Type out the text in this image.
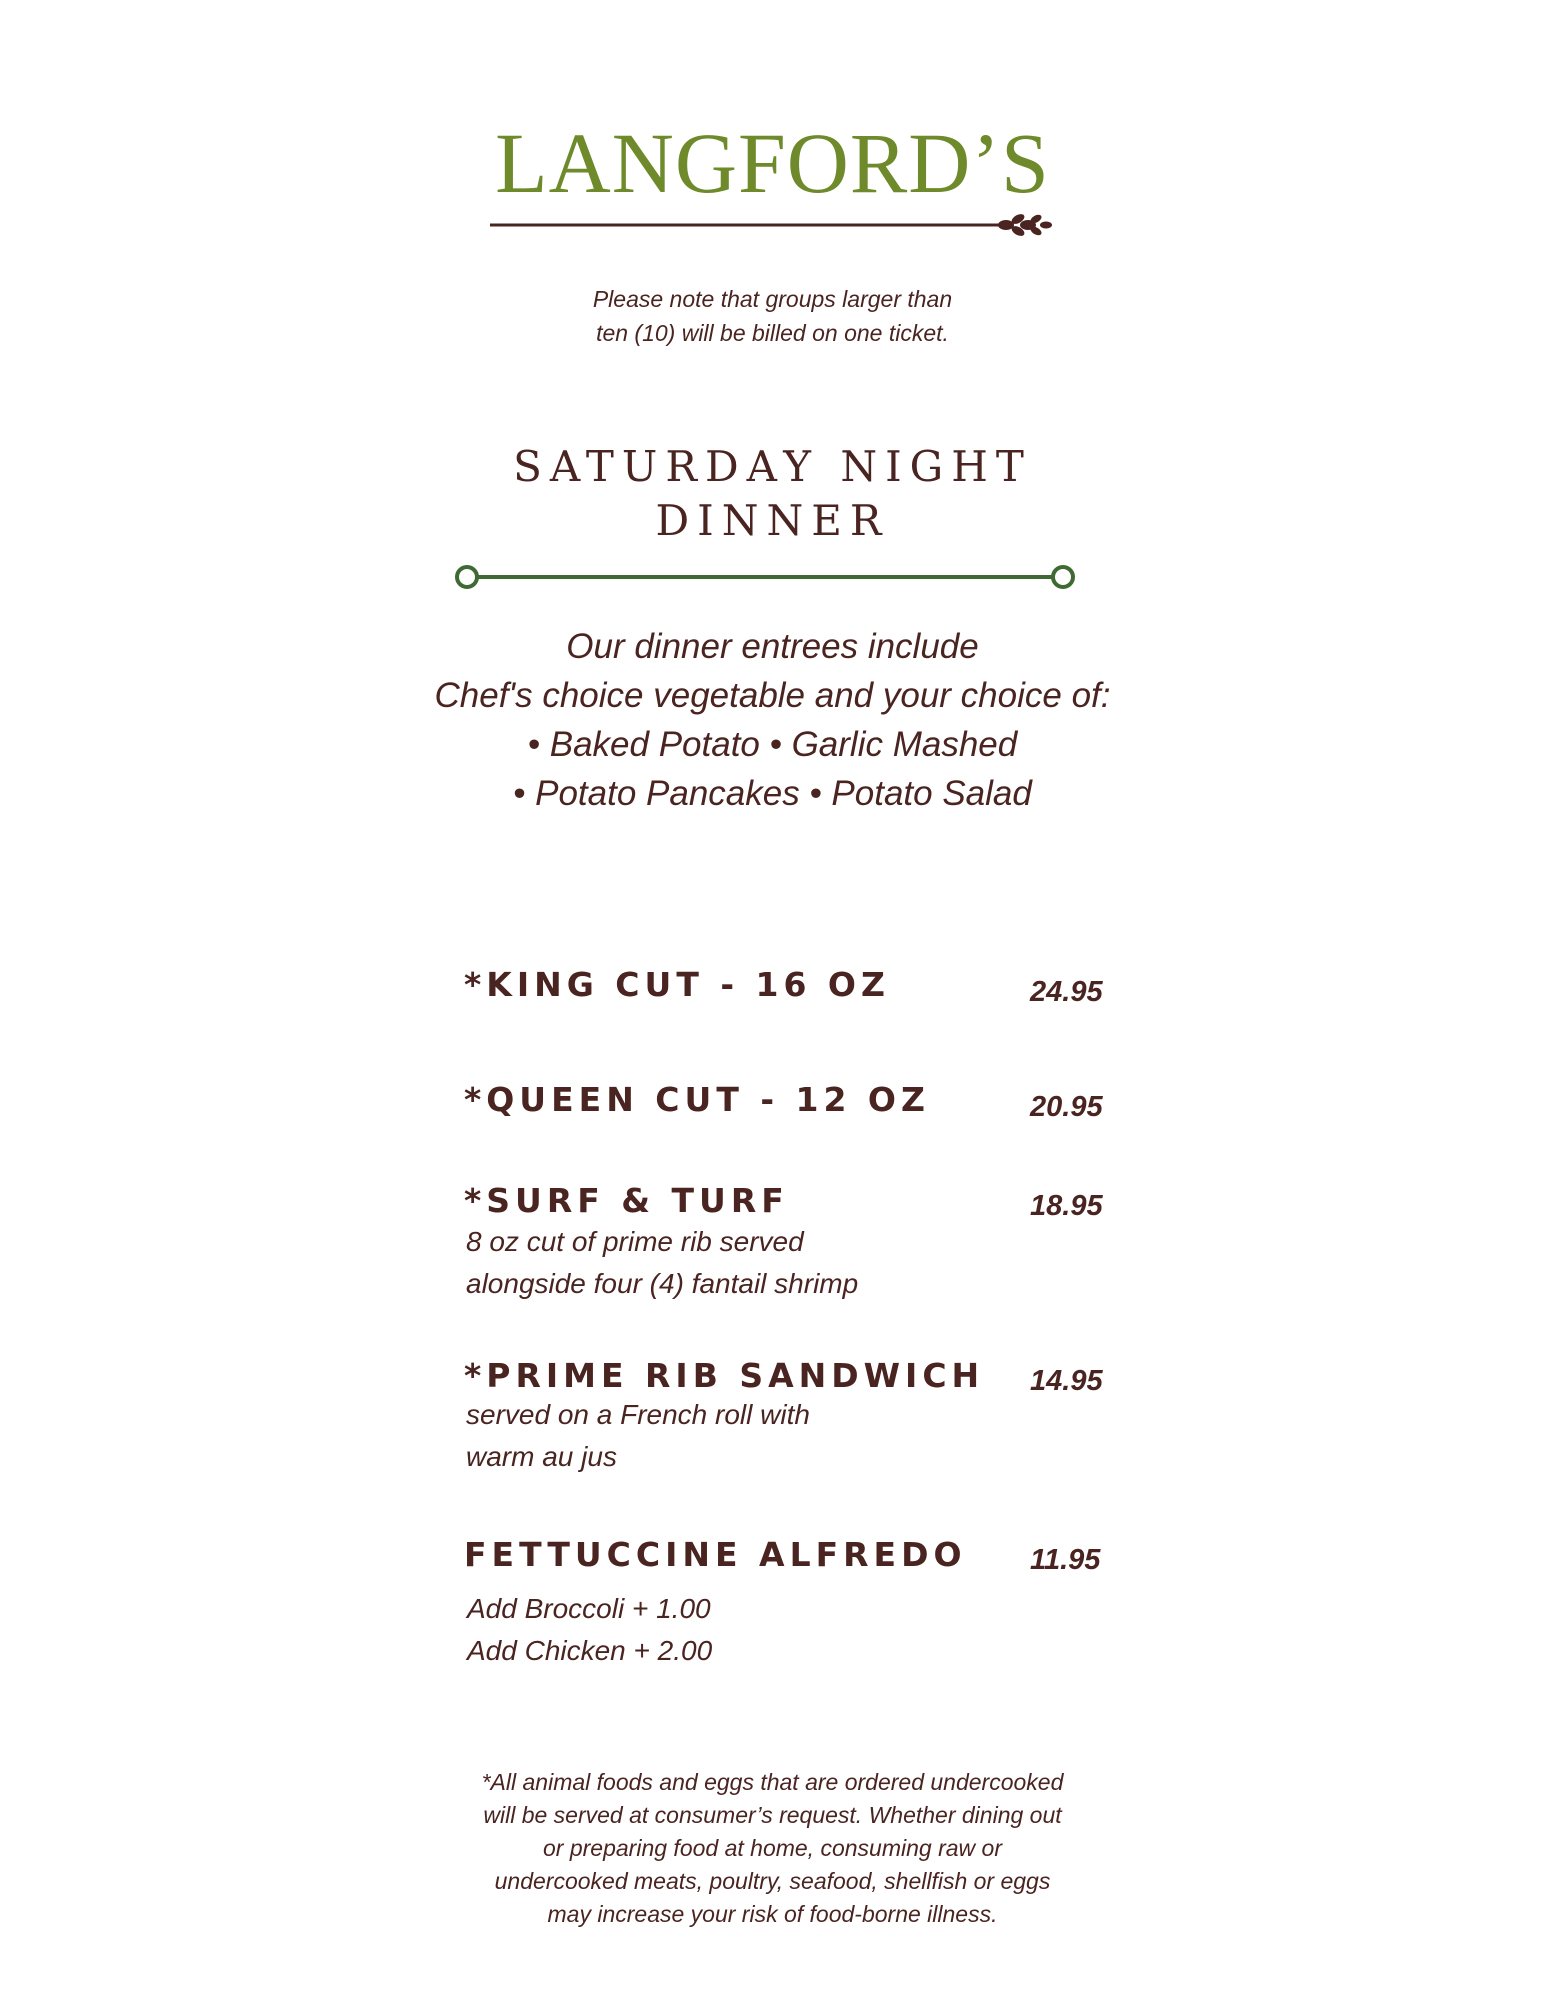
LANGFORD’S
Please note that groups larger than
ten (10) will be billed on one ticket.
SATURDAY NIGHT
DINNER
Our dinner entrees include
Chef's choice vegetable and your choice of:
• Baked Potato • Garlic Mashed
• Potato Pancakes • Potato Salad
*KING CUT - 16 OZ	24.95
*QUEEN CUT - 12 OZ	20.95
*SURF & TURF	18.95
8 oz cut of prime rib served
alongside four (4) fantail shrimp
*PRIME RIB SANDWICH 14.95
served on a French roll with
warm au jus
FETTUCCINE ALFREDO 11.95
Add Broccoli + 1.00
Add Chicken + 2.00
*All animal foods and eggs that are ordered undercooked
will be served at consumer’s request. Whether dining out
or preparing food at home, consuming raw or
undercooked meats, poultry, seafood, shellfish or eggs
may increase your risk of food-borne illness.
